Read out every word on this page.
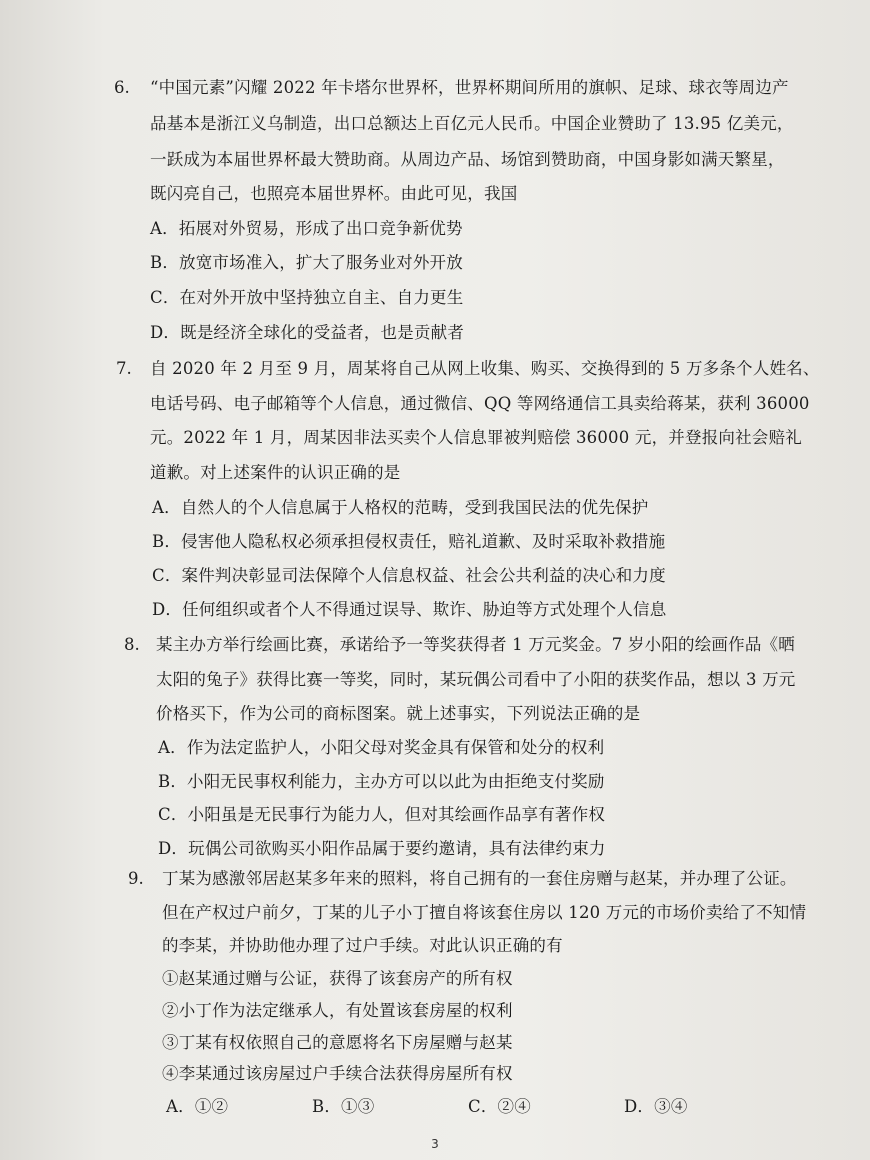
6. “中国元素”闪耀 2022 年卡塔尔世界杯，世界杯期间所用的旗帜、足球、球衣等周边产
品基本是浙江义乌制造，出口总额达上百亿元人民币。中国企业赞助了 13.95 亿美元，
一跃成为本届世界杯最大赞助商。从周边产品、场馆到赞助商，中国身影如满天繁星，
既闪亮自己，也照亮本届世界杯。由此可见，我国
A．拓展对外贸易，形成了出口竞争新优势
B．放宽市场准入，扩大了服务业对外开放
C．在对外开放中坚持独立自主、自力更生
D．既是经济全球化的受益者，也是贡献者
7. 自 2020 年 2 月至 9 月，周某将自己从网上收集、购买、交换得到的 5 万多条个人姓名、
电话号码、电子邮箱等个人信息，通过微信、QQ 等网络通信工具卖给蒋某，获利 36000
元。2022 年 1 月，周某因非法买卖个人信息罪被判赔偿 36000 元，并登报向社会赔礼
道歉。对上述案件的认识正确的是
A．自然人的个人信息属于人格权的范畴，受到我国民法的优先保护
B．侵害他人隐私权必须承担侵权责任，赔礼道歉、及时采取补救措施
C．案件判决彰显司法保障个人信息权益、社会公共利益的决心和力度
D．任何组织或者个人不得通过误导、欺诈、胁迫等方式处理个人信息
8. 某主办方举行绘画比赛，承诺给予一等奖获得者 1 万元奖金。7 岁小阳的绘画作品《晒
太阳的兔子》获得比赛一等奖，同时，某玩偶公司看中了小阳的获奖作品，想以 3 万元
价格买下，作为公司的商标图案。就上述事实，下列说法正确的是
A．作为法定监护人，小阳父母对奖金具有保管和处分的权利
B．小阳无民事权利能力，主办方可以以此为由拒绝支付奖励
C．小阳虽是无民事行为能力人，但对其绘画作品享有著作权
D．玩偶公司欲购买小阳作品属于要约邀请，具有法律约束力
9. 丁某为感激邻居赵某多年来的照料，将自己拥有的一套住房赠与赵某，并办理了公证。
但在产权过户前夕，丁某的儿子小丁擅自将该套住房以 120 万元的市场价卖给了不知情
的李某，并协助他办理了过户手续。对此认识正确的有
①赵某通过赠与公证，获得了该套房产的所有权
②小丁作为法定继承人，有处置该套房屋的权利
③丁某有权依照自己的意愿将名下房屋赠与赵某
④李某通过该房屋过户手续合法获得房屋所有权
A．①②	B．①③	C．②④	D．③④
3
